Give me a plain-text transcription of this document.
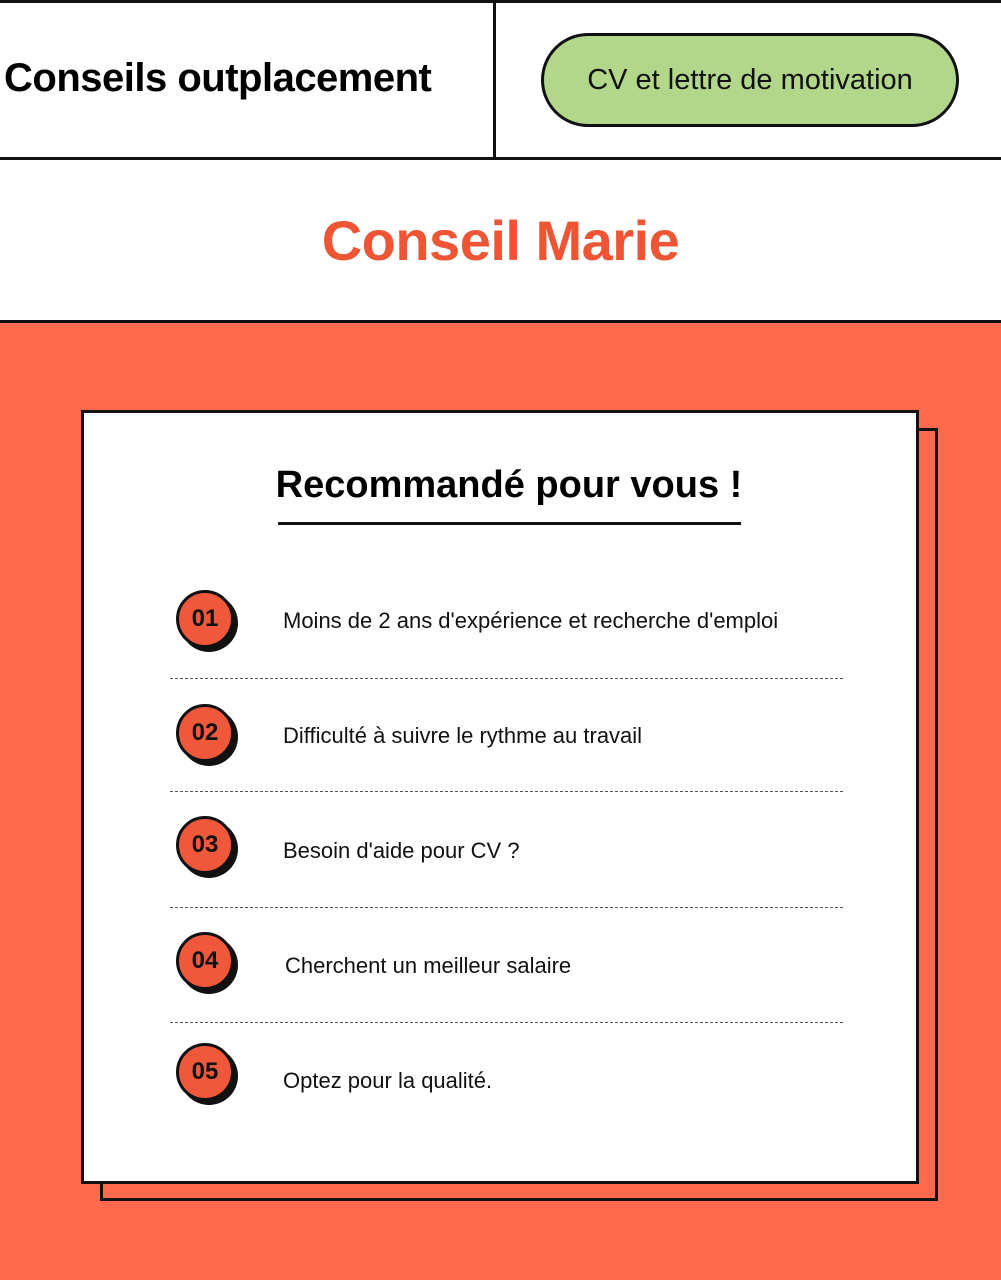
Conseils outplacement	CV et lettre de motivation
Conseil Marie
Recommandé pour vous !
01	Moins de 2 ans d'expérience et recherche d'emploi
02	Difficulté à suivre le rythme au travail
03	Besoin d'aide pour CV ?
04	Cherchent un meilleur salaire
05	Optez pour la qualité.
